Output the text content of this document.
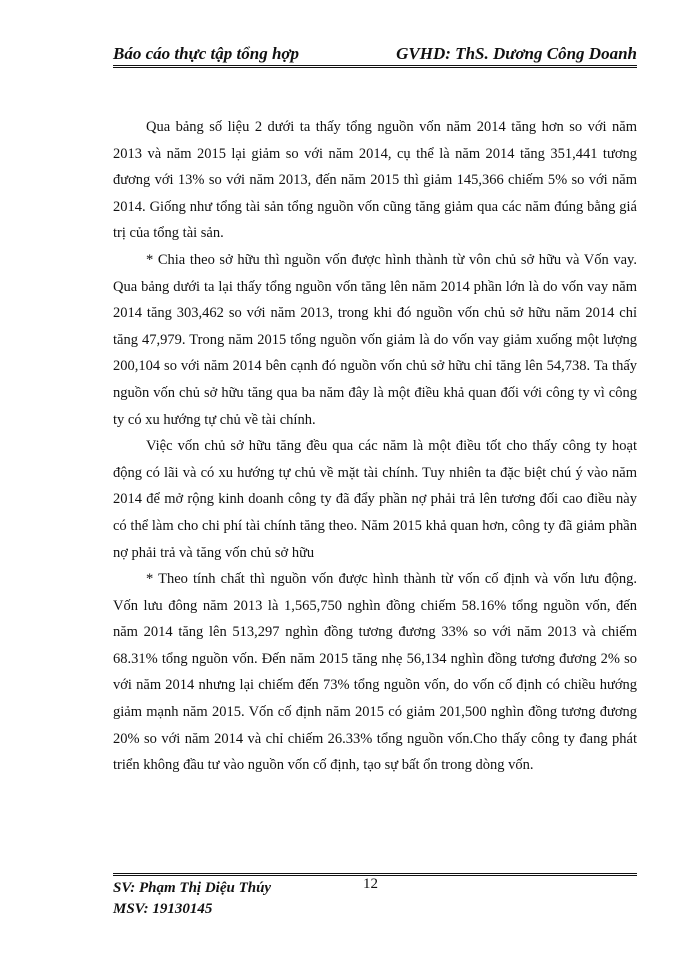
Báo cáo thực tập tổng hợp	GVHD: ThS. Dương Công Doanh

Qua bảng số liệu 2 dưới ta thấy tổng nguồn vốn năm 2014 tăng hơn so với năm 2013 và năm 2015 lại giảm so với năm 2014, cụ thể là năm 2014 tăng 351,441 tương đương với 13% so với năm 2013, đến năm 2015 thì giảm 145,366 chiếm 5% so với năm 2014. Giống như tổng tài sản tổng nguồn vốn cũng tăng giảm qua các năm đúng bằng giá trị của tổng tài sản.

* Chia theo sở hữu thì nguồn vốn được hình thành từ vôn chủ sở hữu và Vốn vay. Qua bảng dưới ta lại thấy tổng nguồn vốn tăng lên năm 2014 phần lớn là do vốn vay năm 2014 tăng 303,462 so với năm 2013, trong khi đó nguồn vốn chủ sở hữu năm 2014 chỉ tăng 47,979. Trong năm 2015 tổng nguồn vốn giảm là do vốn vay giảm xuống một lượng 200,104 so với năm 2014 bên cạnh đó nguồn vốn chủ sở hữu chỉ tăng lên 54,738. Ta thấy nguồn vốn chủ sở hữu tăng qua ba năm đây là một điều khả quan đối với công ty vì công ty có xu hướng tự chủ về tài chính.

Việc vốn chủ sở hữu tăng đều qua các năm là một điều tốt cho thấy công ty hoạt động có lãi và có xu hướng tự chủ về mặt tài chính. Tuy nhiên ta đặc biệt chú ý vào năm 2014 để mở rộng kinh doanh công ty đã đẩy phần nợ phải trả lên tương đối cao điều này có thể làm cho chi phí tài chính tăng theo. Năm 2015 khả quan hơn, công ty đã giảm phần nợ phải trả và tăng vốn chủ sở hữu

* Theo tính chất thì nguồn vốn được hình thành từ vốn cố định và vốn lưu động. Vốn lưu đông năm 2013 là 1,565,750 nghìn đồng chiếm 58.16% tổng nguồn vốn, đến năm 2014 tăng lên 513,297 nghìn đồng tương đương 33% so với năm 2013 và chiếm 68.31% tổng nguồn vốn. Đến năm 2015 tăng nhẹ 56,134 nghìn đồng tương đương 2% so với năm 2014 nhưng lại chiếm đến 73% tổng nguồn vốn, do vốn cố định có chiều hướng giảm mạnh năm 2015. Vốn cố định năm 2015 có giảm 201,500 nghìn đồng tương đương 20% so với năm 2014 và chỉ chiếm 26.33% tổng nguồn vốn.Cho thấy công ty đang phát triển không đầu tư vào nguồn vốn cố định, tạo sự bất ổn trong dòng vốn.

SV: Phạm Thị Diệu Thúy
MSV: 19130145
12
